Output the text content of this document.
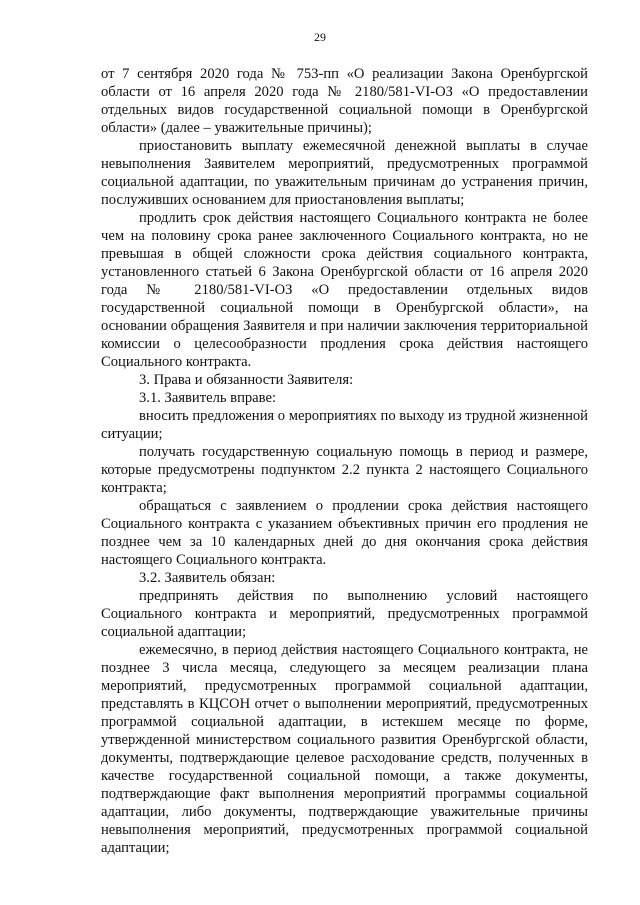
29

от 7 сентября 2020 года № 753-пп «О реализации Закона Оренбургской области от 16 апреля 2020 года № 2180/581-VI-ОЗ «О предоставлении отдельных видов государственной социальной помощи в Оренбургской области» (далее – уважительные причины);

приостановить выплату ежемесячной денежной выплаты в случае невыполнения Заявителем мероприятий, предусмотренных программой социальной адаптации, по уважительным причинам до устранения причин, послуживших основанием для приостановления выплаты;

продлить срок действия настоящего Социального контракта не более чем на половину срока ранее заключенного Социального контракта, но не превышая в общей сложности срока действия социального контракта, установленного статьей 6 Закона Оренбургской области от 16 апреля 2020 года № 2180/581-VI-ОЗ «О предоставлении отдельных видов государственной социальной помощи в Оренбургской области», на основании обращения Заявителя и при наличии заключения территориальной комиссии о целесообразности продления срока действия настоящего Социального контракта.

3. Права и обязанности Заявителя:

3.1. Заявитель вправе:

вносить предложения о мероприятиях по выходу из трудной жизненной ситуации;

получать государственную социальную помощь в период и размере, которые предусмотрены подпунктом 2.2 пункта 2 настоящего Социального контракта;

обращаться с заявлением о продлении срока действия настоящего Социального контракта с указанием объективных причин его продления не позднее чем за 10 календарных дней до дня окончания срока действия настоящего Социального контракта.

3.2. Заявитель обязан:

предпринять действия по выполнению условий настоящего Социального контракта и мероприятий, предусмотренных программой социальной адаптации;

ежемесячно, в период действия настоящего Социального контракта, не позднее 3 числа месяца, следующего за месяцем реализации плана мероприятий, предусмотренных программой социальной адаптации, представлять в КЦСОН отчет о выполнении мероприятий, предусмотренных программой социальной адаптации, в истекшем месяце по форме, утвержденной министерством социального развития Оренбургской области, документы, подтверждающие целевое расходование средств, полученных в качестве государственной социальной помощи, а также документы, подтверждающие факт выполнения мероприятий программы социальной адаптации, либо документы, подтверждающие уважительные причины невыполнения мероприятий, предусмотренных программой социальной адаптации;
